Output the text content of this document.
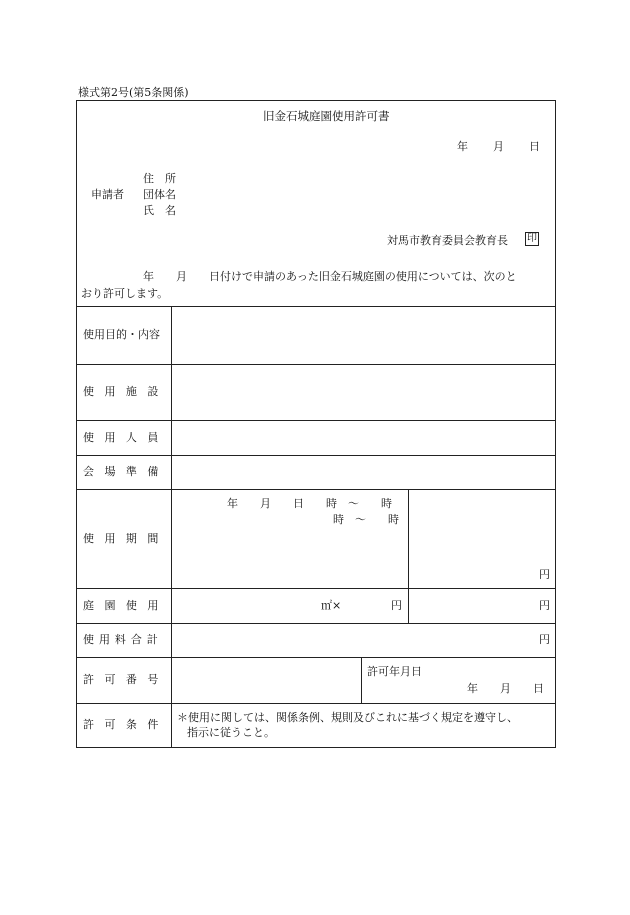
様式第2号(第5条関係)
旧金石城庭園使用許可書
年 月 日
住　所
申請者 団体名
氏　名
対馬市教育委員会教育長 印
年　　月　　日付けで申請のあった旧金石城庭園の使用については、次のと
おり許可します。
使用目的・内容
使用施設
使用人員
会場準備
使用期間
庭園使用
使用料合計
許可番号
許可条件
年　　月　　日　　時　～　　時
時　～　　時
円
㎡×	円	円
円
許可年月日
年　　月　　日
＊使用に関しては、関係条例、規則及びこれに基づく規定を遵守し、
指示に従うこと。
